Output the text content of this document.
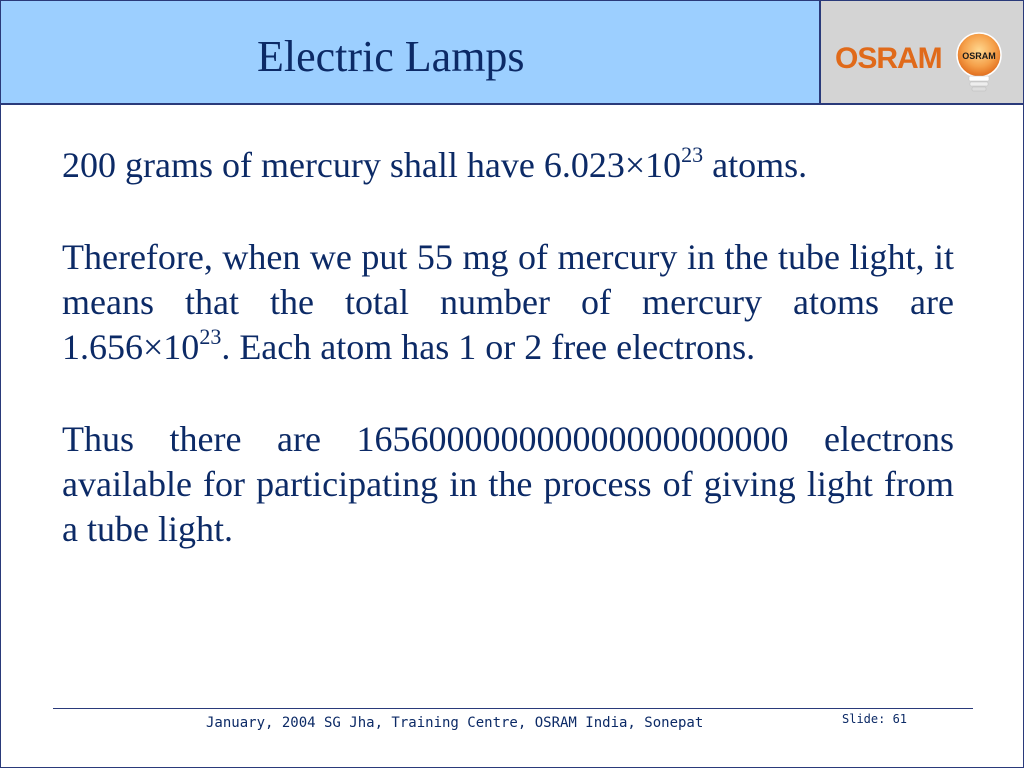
Electric Lamps	OSRAM OSRAM

200 grams of mercury shall have $6.023\times 10^{23}$ atoms.

Therefore, when we put 55 mg of mercury in the tube light, it means that the total number of mercury atoms are $1.656\times 10^{23}$. Each atom has 1 or 2 free electrons.

Thus there are 165600000000000000000000 electrons available for participating in the process of giving light from a tube light.

January, 2004 SG Jha, Training Centre, OSRAM India, Sonepat	Slide: 61
